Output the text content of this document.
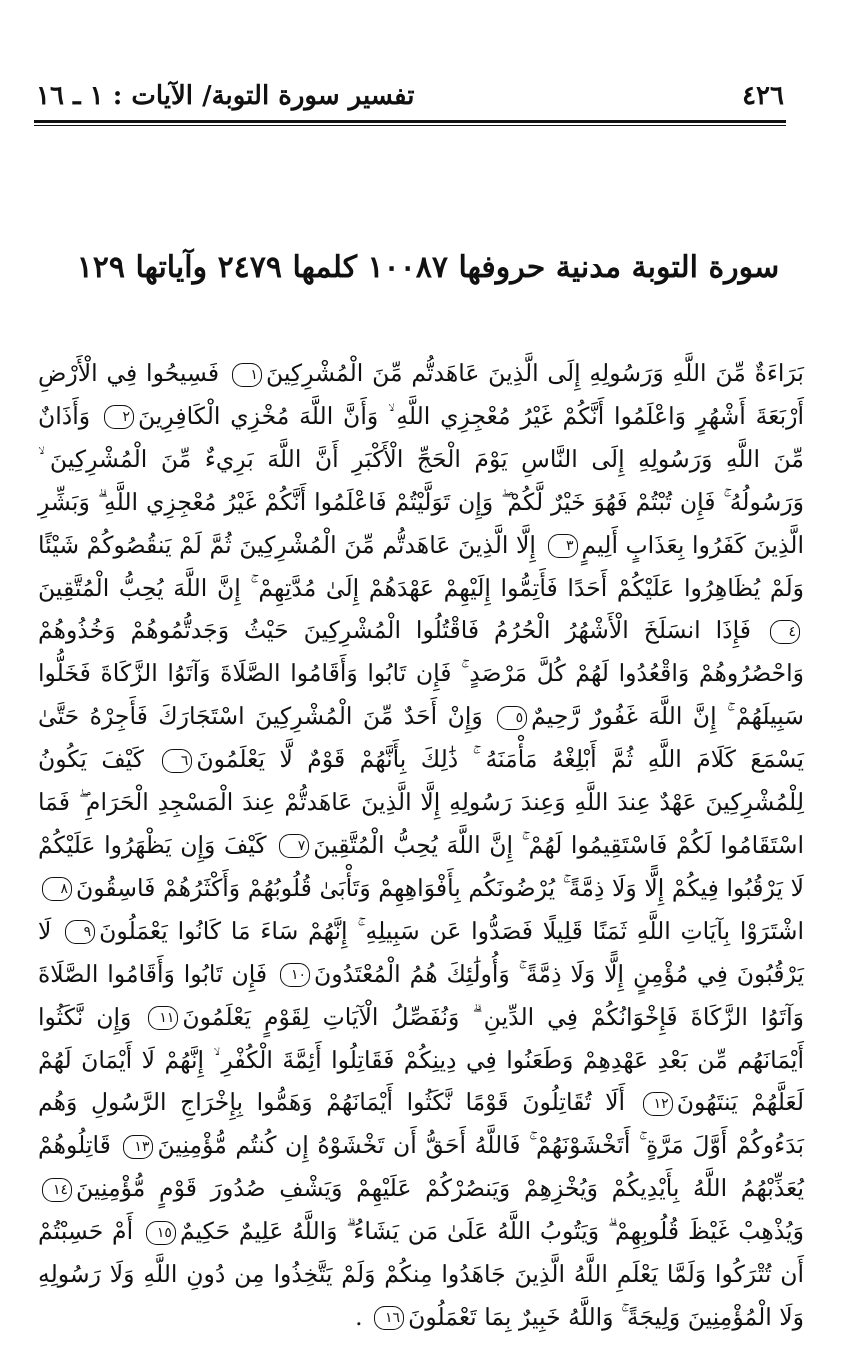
٤٢٦
تفسير سورة التوبة/ الآيات : ١ ـ ١٦
سورة التوبة مدنية حروفها ١٠٠٨٧ كلمها ٢٤٧٩ وآياتها ١٢٩
بَرَاءَةٌ مِّنَ اللَّهِ وَرَسُولِهِ إِلَى الَّذِينَ عَاهَدتُّم مِّنَ الْمُشْرِكِينَ١ فَسِيحُوا فِي الْأَرْضِ أَرْبَعَةَ أَشْهُرٍ وَاعْلَمُوا أَنَّكُمْ غَيْرُ مُعْجِزِي اللَّهِ ۙ وَأَنَّ اللَّهَ مُخْزِي الْكَافِرِينَ٢ وَأَذَانٌ مِّنَ اللَّهِ وَرَسُولِهِ إِلَى النَّاسِ يَوْمَ الْحَجِّ الْأَكْبَرِ أَنَّ اللَّهَ بَرِيءٌ مِّنَ الْمُشْرِكِينَ ۙ وَرَسُولُهُ ۚ فَإِن تُبْتُمْ فَهُوَ خَيْرٌ لَّكُمْ ۖ وَإِن تَوَلَّيْتُمْ فَاعْلَمُوا أَنَّكُمْ غَيْرُ مُعْجِزِي اللَّهِ ۗ وَبَشِّرِ الَّذِينَ كَفَرُوا بِعَذَابٍ أَلِيمٍ٣ إِلَّا الَّذِينَ عَاهَدتُّم مِّنَ الْمُشْرِكِينَ ثُمَّ لَمْ يَنقُصُوكُمْ شَيْئًا وَلَمْ يُظَاهِرُوا عَلَيْكُمْ أَحَدًا فَأَتِمُّوا إِلَيْهِمْ عَهْدَهُمْ إِلَىٰ مُدَّتِهِمْ ۚ إِنَّ اللَّهَ يُحِبُّ الْمُتَّقِينَ٤ فَإِذَا انسَلَخَ الْأَشْهُرُ الْحُرُمُ فَاقْتُلُوا الْمُشْرِكِينَ حَيْثُ وَجَدتُّمُوهُمْ وَخُذُوهُمْ وَاحْصُرُوهُمْ وَاقْعُدُوا لَهُمْ كُلَّ مَرْصَدٍ ۚ فَإِن تَابُوا وَأَقَامُوا الصَّلَاةَ وَآتَوُا الزَّكَاةَ فَخَلُّوا سَبِيلَهُمْ ۚ إِنَّ اللَّهَ غَفُورٌ رَّحِيمٌ٥ وَإِنْ أَحَدٌ مِّنَ الْمُشْرِكِينَ اسْتَجَارَكَ فَأَجِرْهُ حَتَّىٰ يَسْمَعَ كَلَامَ اللَّهِ ثُمَّ أَبْلِغْهُ مَأْمَنَهُ ۚ ذَٰلِكَ بِأَنَّهُمْ قَوْمٌ لَّا يَعْلَمُونَ٦ كَيْفَ يَكُونُ لِلْمُشْرِكِينَ عَهْدٌ عِندَ اللَّهِ وَعِندَ رَسُولِهِ إِلَّا الَّذِينَ عَاهَدتُّمْ عِندَ الْمَسْجِدِ الْحَرَامِ ۖ فَمَا اسْتَقَامُوا لَكُمْ فَاسْتَقِيمُوا لَهُمْ ۚ إِنَّ اللَّهَ يُحِبُّ الْمُتَّقِينَ٧ كَيْفَ وَإِن يَظْهَرُوا عَلَيْكُمْ لَا يَرْقُبُوا فِيكُمْ إِلًّا وَلَا ذِمَّةً ۚ يُرْضُونَكُم بِأَفْوَاهِهِمْ وَتَأْبَىٰ قُلُوبُهُمْ وَأَكْثَرُهُمْ فَاسِقُونَ٨ اشْتَرَوْا بِآيَاتِ اللَّهِ ثَمَنًا قَلِيلًا فَصَدُّوا عَن سَبِيلِهِ ۚ إِنَّهُمْ سَاءَ مَا كَانُوا يَعْمَلُونَ٩ لَا يَرْقُبُونَ فِي مُؤْمِنٍ إِلًّا وَلَا ذِمَّةً ۚ وَأُولَٰئِكَ هُمُ الْمُعْتَدُونَ١٠ فَإِن تَابُوا وَأَقَامُوا الصَّلَاةَ وَآتَوُا الزَّكَاةَ فَإِخْوَانُكُمْ فِي الدِّينِ ۗ وَنُفَصِّلُ الْآيَاتِ لِقَوْمٍ يَعْلَمُونَ١١ وَإِن نَّكَثُوا أَيْمَانَهُم مِّن بَعْدِ عَهْدِهِمْ وَطَعَنُوا فِي دِينِكُمْ فَقَاتِلُوا أَئِمَّةَ الْكُفْرِ ۙ إِنَّهُمْ لَا أَيْمَانَ لَهُمْ لَعَلَّهُمْ يَنتَهُونَ١٢ أَلَا تُقَاتِلُونَ قَوْمًا نَّكَثُوا أَيْمَانَهُمْ وَهَمُّوا بِإِخْرَاجِ الرَّسُولِ وَهُم بَدَءُوكُمْ أَوَّلَ مَرَّةٍ ۚ أَتَخْشَوْنَهُمْ ۚ فَاللَّهُ أَحَقُّ أَن تَخْشَوْهُ إِن كُنتُم مُّؤْمِنِينَ١٣ قَاتِلُوهُمْ يُعَذِّبْهُمُ اللَّهُ بِأَيْدِيكُمْ وَيُخْزِهِمْ وَيَنصُرْكُمْ عَلَيْهِمْ وَيَشْفِ صُدُورَ قَوْمٍ مُّؤْمِنِينَ١٤ وَيُذْهِبْ غَيْظَ قُلُوبِهِمْ ۗ وَيَتُوبُ اللَّهُ عَلَىٰ مَن يَشَاءُ ۗ وَاللَّهُ عَلِيمٌ حَكِيمٌ١٥ أَمْ حَسِبْتُمْ أَن تُتْرَكُوا وَلَمَّا يَعْلَمِ اللَّهُ الَّذِينَ جَاهَدُوا مِنكُمْ وَلَمْ يَتَّخِذُوا مِن دُونِ اللَّهِ وَلَا رَسُولِهِ وَلَا الْمُؤْمِنِينَ وَلِيجَةً ۚ وَاللَّهُ خَبِيرٌ بِمَا تَعْمَلُونَ١٦ .
